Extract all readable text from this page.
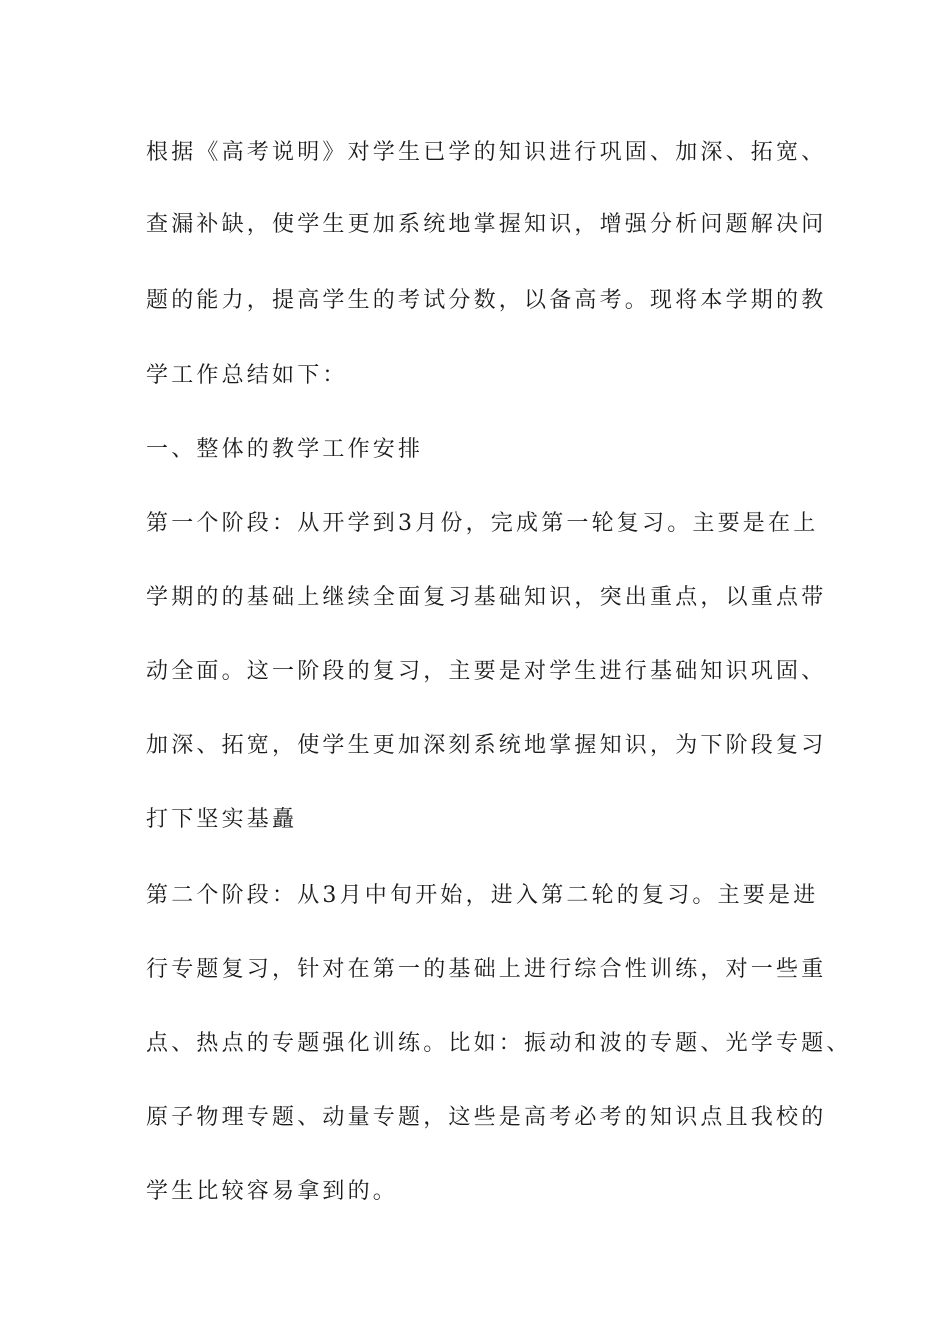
根据《高考说明》对学生已学的知识进行巩固、加深、拓宽、
查漏补缺，使学生更加系统地掌握知识，增强分析问题解决问
题的能力，提高学生的考试分数，以备高考。现将本学期的教
学工作总结如下：
一、整体的教学工作安排
第一个阶段：从开学到3月份，完成第一轮复习。主要是在上
学期的的基础上继续全面复习基础知识，突出重点，以重点带
动全面。这一阶段的复习，主要是对学生进行基础知识巩固、
加深、拓宽，使学生更加深刻系统地掌握知识，为下阶段复习
打下坚实基矗
第二个阶段：从3月中旬开始，进入第二轮的复习。主要是进
行专题复习，针对在第一的基础上进行综合性训练，对一些重
点、热点的专题强化训练。比如：振动和波的专题、光学专题、
原子物理专题、动量专题，这些是高考必考的知识点且我校的
学生比较容易拿到的。
